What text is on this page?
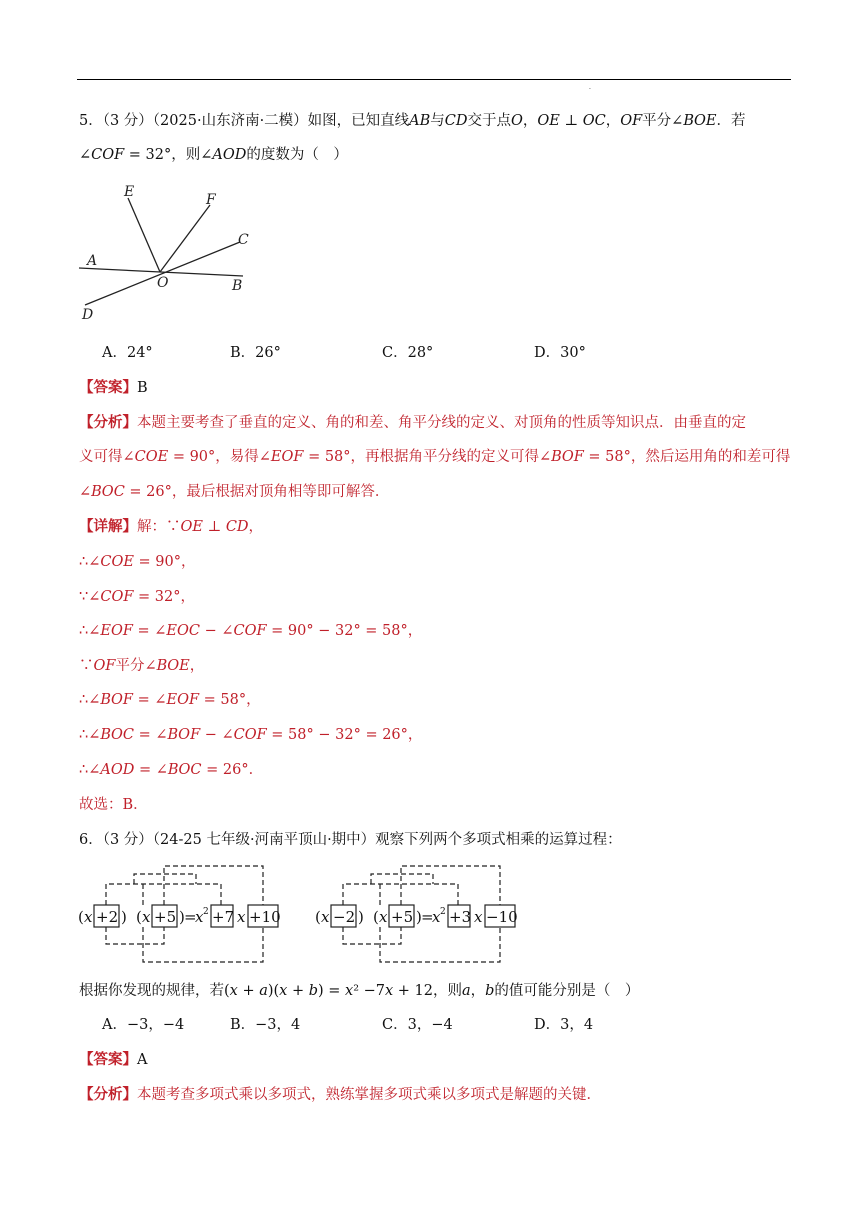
.
5．（3 分）（2025·山东济南·二模）如图，已知直线𝐴𝐵与𝐶𝐷交于点𝑂，𝑂𝐸 ⊥ 𝑂𝐶，𝑂𝐹平分∠𝐵𝑂𝐸．若
∠𝐶𝑂𝐹 = 32°，则∠𝐴𝑂𝐷的度数为（　）
E	F
C
A
O	B
D
A．24°	B．26°	C．28°	D．30°
【答案】B
【分析】本题主要考查了垂直的定义、角的和差、角平分线的定义、对顶角的性质等知识点．由垂直的定
义可得∠𝐶𝑂𝐸 = 90°，易得∠𝐸𝑂𝐹 = 58°，再根据角平分线的定义可得∠𝐵𝑂𝐹 = 58°，然后运用角的和差可得
∠𝐵𝑂𝐶 = 26°，最后根据对顶角相等即可解答．
【详解】解：∵𝑂𝐸 ⊥ 𝐶𝐷，
∴∠𝐶𝑂𝐸 = 90°，
∵∠𝐶𝑂𝐹 = 32°，
∴∠𝐸𝑂𝐹 = ∠𝐸𝑂𝐶 − ∠𝐶𝑂𝐹 = 90° − 32° = 58°，
∵𝑂𝐹平分∠𝐵𝑂𝐸，
∴∠𝐵𝑂𝐹 = ∠𝐸𝑂𝐹 = 58°，
∴∠𝐵𝑂𝐶 = ∠𝐵𝑂𝐹 − ∠𝐶𝑂𝐹 = 58° − 32° = 26°，
∴∠𝐴𝑂𝐷 = ∠𝐵𝑂𝐶 = 26°．
故选：B．
6．（3 分）（24-25 七年级·河南平顶山·期中）观察下列两个多项式相乘的运算过程：
( x +2 ) ( x +5 ) =
x 2 +7 x +10 ( x −2 ) ( x +5 ) =
x 2 +3 x −10
根据你发现的规律，若(𝑥 + 𝑎)(𝑥 + 𝑏) = 𝑥² −7𝑥 + 12，则𝑎，𝑏的值可能分别是（　）
A．−3，−4	B．−3，4	C．3，−4	D．3，4
【答案】A
【分析】本题考查多项式乘以多项式，熟练掌握多项式乘以多项式是解题的关键．
